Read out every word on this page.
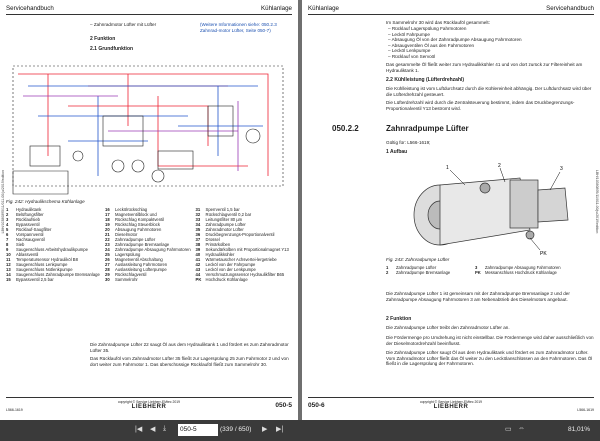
Servicehandbuch	Kühlanlage
– Zahnradmotor Lüfter mit Lüfter	(Weitere Informationen siehe: 050.2.3 Zahnrad-motor Lüfter, Seite 050-7)
2 Funktion
2.1 Grundfunktion
Fig. 242: Hydraulikschema Kühlanlage
1	Hydrauliktank	16	Leckölrückschlag	31	Sperrventil 1,5 bar
2	Belüftungsfilter	17	Magnetventilblock und	32	Rückschlagventil 0,2 bar
3	Rücklaufsieb	18	Rückschlag Kompaktventil	33	Leitungsfilter 80 µm
4	Bypassventil	19	Rückschlag Steuerblock	34	Zahnradpumpe Lüfter
5	Rücklauf-Saugfilter	20	Absaugung Fahrmotoren	35	Zahnradmotor Lüfter
6	Vorspannventil	21	Dieselmotor	36	Druckbegrenzungs-Proportionalventil
7	Nachsaugventil	22	Zahnradpumpe Lüfter	37	Drossel
8	Sieb	23	Zahnradpumpe Bremsanlage	38	Primärkolben
9	Saugenschluss Arbeitshydraulikpumpe	24	Zahnradpumpe Absaugung Fahrmotoren	39	Sekundärkolben mit Proportionalmagnet Y13
10	Ablassventil	25	Lagerspülung	40	Hydraulikkühler
11	Temperatursensor Hydrauliköl B8	26	Magnetventil Abschaltung	41	Wärmetauscher Achsvertei-lergetriebe
12	Saugenschluss Lenkpumpe	27	Auslassleitung Fahrmotoren	42	Lecköl von der Fahrpumpe
13	Saugenschluss Notlenkpumpe	28	Auslassleitung Lüfterpumpe	43	Lecköl von der Lenkpumpe
14	Saugenschluss Zahnradpumpe Bremsanlage	29	Rückschlagventil	44	Verschmutzungssensor Hydraulikfilter B65
15	Bypassventil 2,5 bar	30	Sammelrohr	PK	Hochdruck Kühlanlage
Die Zahnradpumpe Lüfter 22 saugt Öl aus dem Hydrauliktank 1 und fördert es zum Zahnradmotor Lüfter 35.
Das Rücklauföl vom Zahnradmotor Lüfter 35 fließt zur Lagerspülung 25 zum Fahrmotor 2 und von dort weiter zum Fahrmotor 1. Das überschüssige Rücklauföl fließt zum Sammelrohr 30.
LBH/10380895/11/011-00/ju/2019/edition
L566-1619
copyright © Service Liebherr-EMtec 2019
LIEBHERR	050-5
Kühlanlage	Servicehandbuch
Im Sammelrohr 30 wird das Rücklauföl gesammelt:
– Rücklauf Lagerspülung Fahrmotoren
– Lecköl Fahrpumpe
– Absaugung Öl von der Zahnradpumpe Absaugung Fahrmotoren
– Absaugventilen Öl aus den Fahrmotoren
– Lecköl Lenkpumpe
– Rücklauf von Servoöl
Das gesammelte Öl fließt weiter zum Hydraulikkühler 41 und von dort zurück zur Filtereinheit am Hydrauliktank 1.
2.2 Kühlleistung (Lüfterdrehzahl)
Die Kühlleistung ist vom Luftdurchsatz durch die Kühlereinheit abhängig. Der Luftdurchsatz wird über die Lüfterdrehzahl gesteuert.
Die Lüfterdrehzahl wird durch die Zentralsteuerung bestimmt, indem das Druckbegrenzungs-Proportionalventil Y13 bestromt wird.
050.2.2	Zahnradpumpe Lüfter
Gültig für: L566-1619;
1 Aufbau
1	2	3
PK
Fig. 243: Zahnradpumpe Lüfter
1	Zahnradpumpe Lüfter	3	Zahnradpumpe Absaugung Fahrmotoren
2	Zahnradpumpe Bremsanlage	PK	Messanschluss Hochdruck Kühlanlage
Die Zahnradpumpe Lüfter 1 ist gemeinsam mit der Zahnradpumpe Bremsanlage 2 und der Zahnradpumpe Absaugung Fahrmotoren 3 am Nebenabtrieb des Dieselmotors angebaut.
2 Funktion
Die Zahnradpumpe Lüfter treibt den Zahnradmotor Lüfter an.
Die Fördermenge pro Umdrehung ist nicht einstellbar. Die Fördermenge wird daher ausschließlich von der Dieselmotordrehzahl beeinflusst.
Die Zahnradpumpe Lüfter saugt Öl aus dem Hydrauliktank und fördert es zum Zahnradmotor Lüfter. Vom Zahnradmotor Lüfter fließt das Öl weiter zu den Leckölanschlüssen an den Fahrmotoren. Das Öl fließt in die Lagerspülung der Fahrmotoren.
LBH/10380895/11/011-00/ju/2019/edition
050-6	copyright © Service Liebherr-EMtec 2019
LIEBHERR	L566-1619
|◀ ◀ ⤓
050-5	(339 / 650) ▶ ▶|	▭ ⇔	81,01%
